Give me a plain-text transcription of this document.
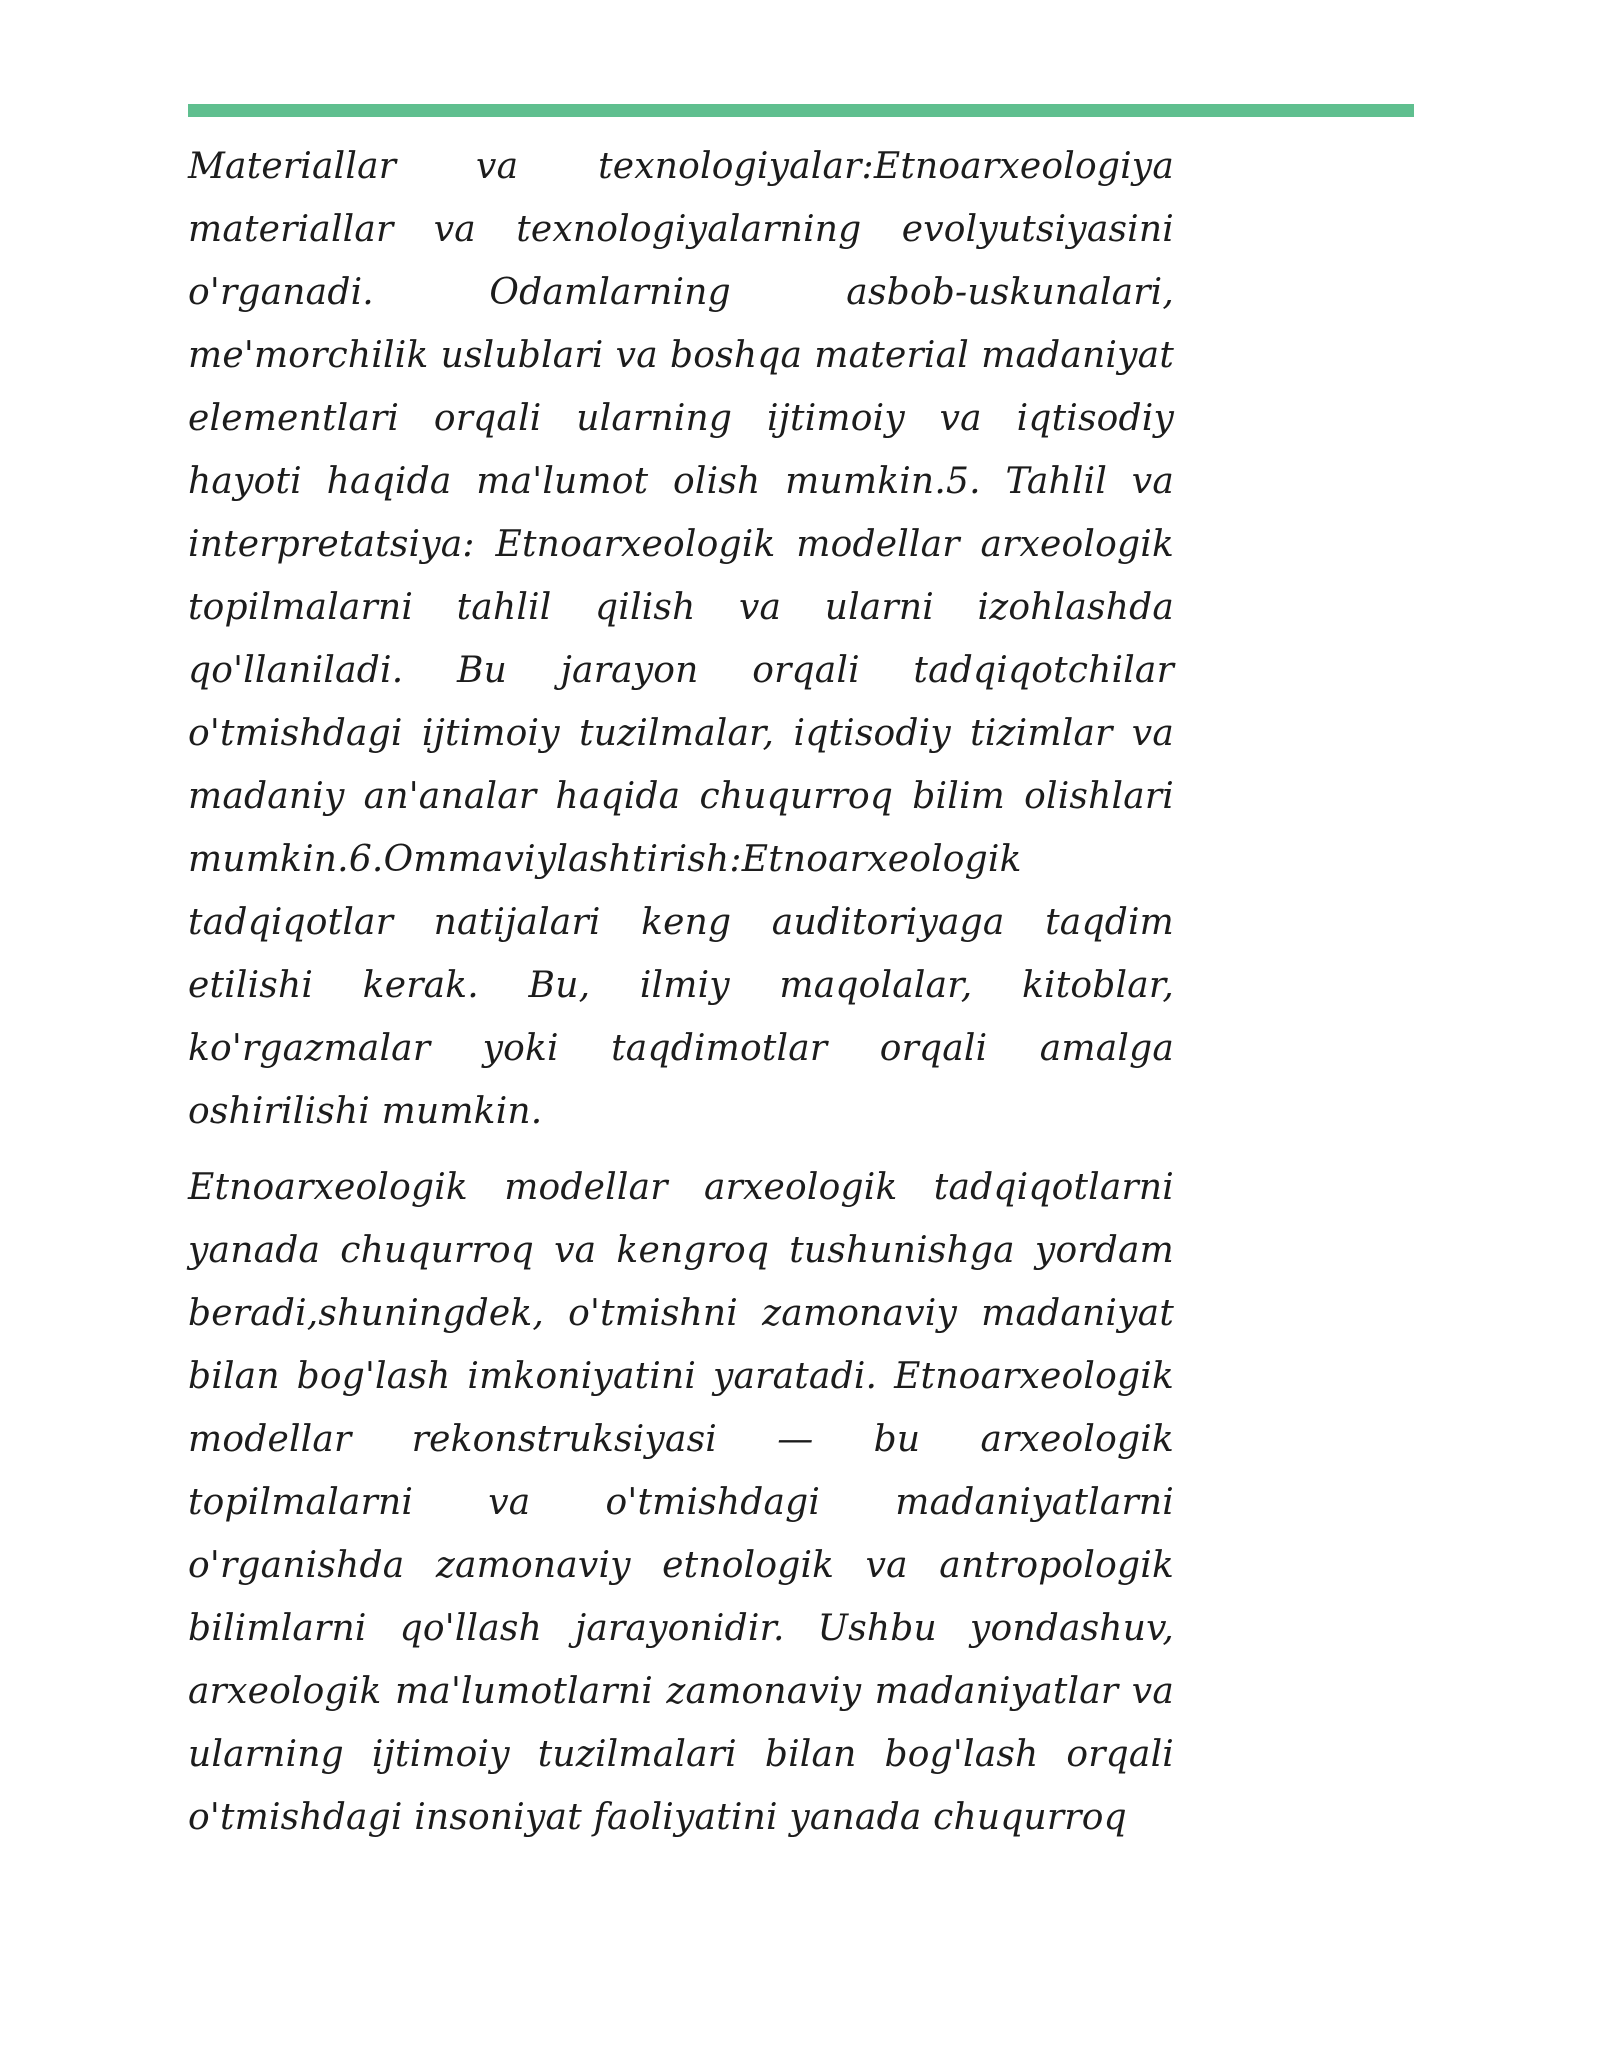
Materiallar va texnologiyalar:Etnoarxeologiya materiallar va texnologiyalarning evolyutsiyasini o'rganadi. Odamlarning asbob-uskunalari, me'morchilik uslublari va boshqa material madaniyat elementlari orqali ularning ijtimoiy va iqtisodiy hayoti haqida ma'lumot olish mumkin.5. Tahlil va interpretatsiya: Etnoarxeologik modellar arxeologik topilmalarni tahlil qilish va ularni izohlashda qo'llaniladi. Bu jarayon orqali tadqiqotchilar o'tmishdagi ijtimoiy tuzilmalar, iqtisodiy tizimlar va madaniy an'analar haqida chuqurroq bilim olishlari mumkin.6.Ommaviylashtirish:Etnoarxeologik tadqiqotlar natijalari keng auditoriyaga taqdim etilishi kerak. Bu, ilmiy maqolalar, kitoblar, ko'rgazmalar yoki taqdimotlar orqali amalga oshirilishi mumkin.

Etnoarxeologik modellar arxeologik tadqiqotlarni yanada chuqurroq va kengroq tushunishga yordam beradi,shuningdek, o'tmishni zamonaviy madaniyat bilan bog'lash imkoniyatini yaratadi. Etnoarxeologik modellar rekonstruksiyasi — bu arxeologik topilmalarni va o'tmishdagi madaniyatlarni o'rganishda zamonaviy etnologik va antropologik bilimlarni qo'llash jarayonidir. Ushbu yondashuv, arxeologik ma'lumotlarni zamonaviy madaniyatlar va ularning ijtimoiy tuzilmalari bilan bog'lash orqali o'tmishdagi insoniyat faoliyatini yanada chuqurroq
